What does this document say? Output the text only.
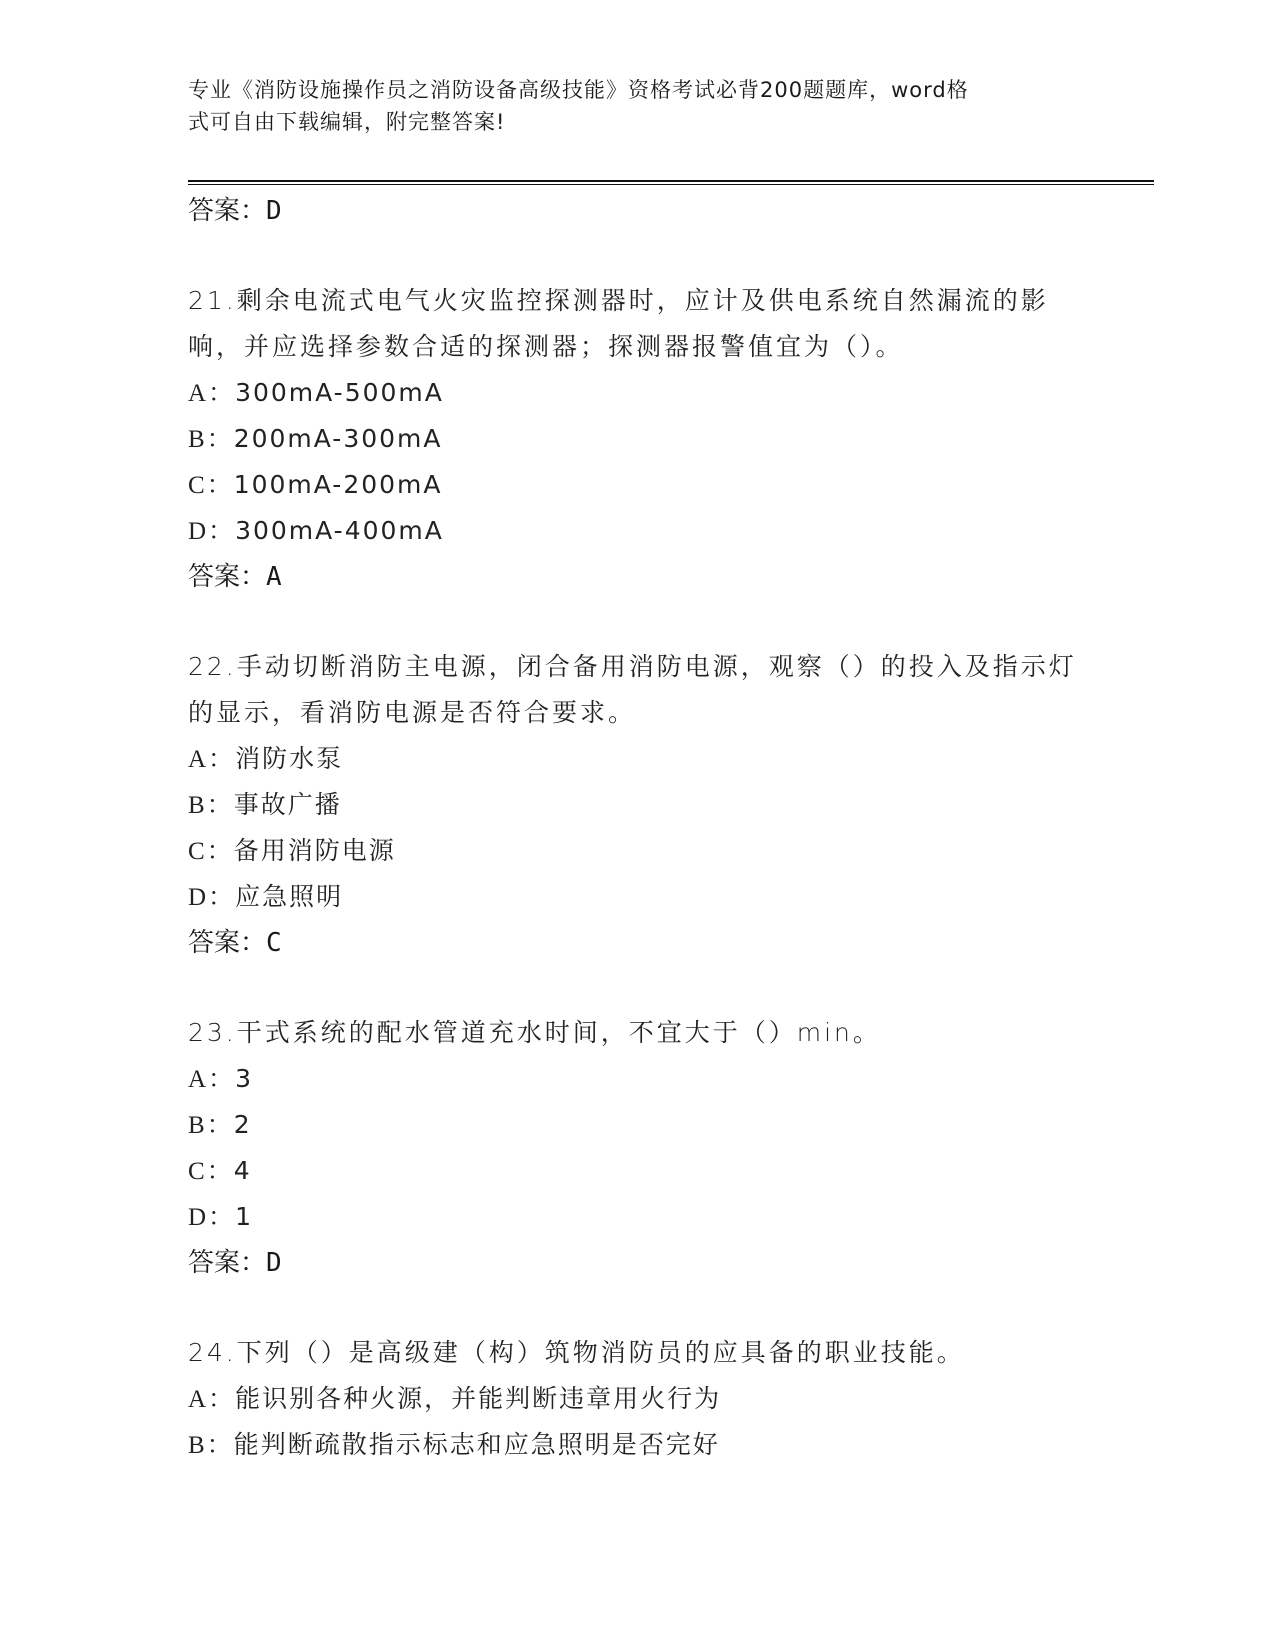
专业《消防设施操作员之消防设备高级技能》资格考试必背200题题库，word格
式可自由下载编辑，附完整答案!
答案：D
21.剩余电流式电气火灾监控探测器时，应计及供电系统自然漏流的影响，并应选择参数合适的探测器；探测器报警值宜为（）。
A：300mA-500mA
B：200mA-300mA
C：100mA-200mA
D：300mA-400mA
答案：A
22.手动切断消防主电源，闭合备用消防电源，观察（）的投入及指示灯的显示，看消防电源是否符合要求。
A：消防水泵
B：事故广播
C：备用消防电源
D：应急照明
答案：C
23.干式系统的配水管道充水时间，不宜大于（）min。
A：3
B：2
C：4
D：1
答案：D
24.下列（）是高级建（构）筑物消防员的应具备的职业技能。
A：能识别各种火源，并能判断违章用火行为
B：能判断疏散指示标志和应急照明是否完好
